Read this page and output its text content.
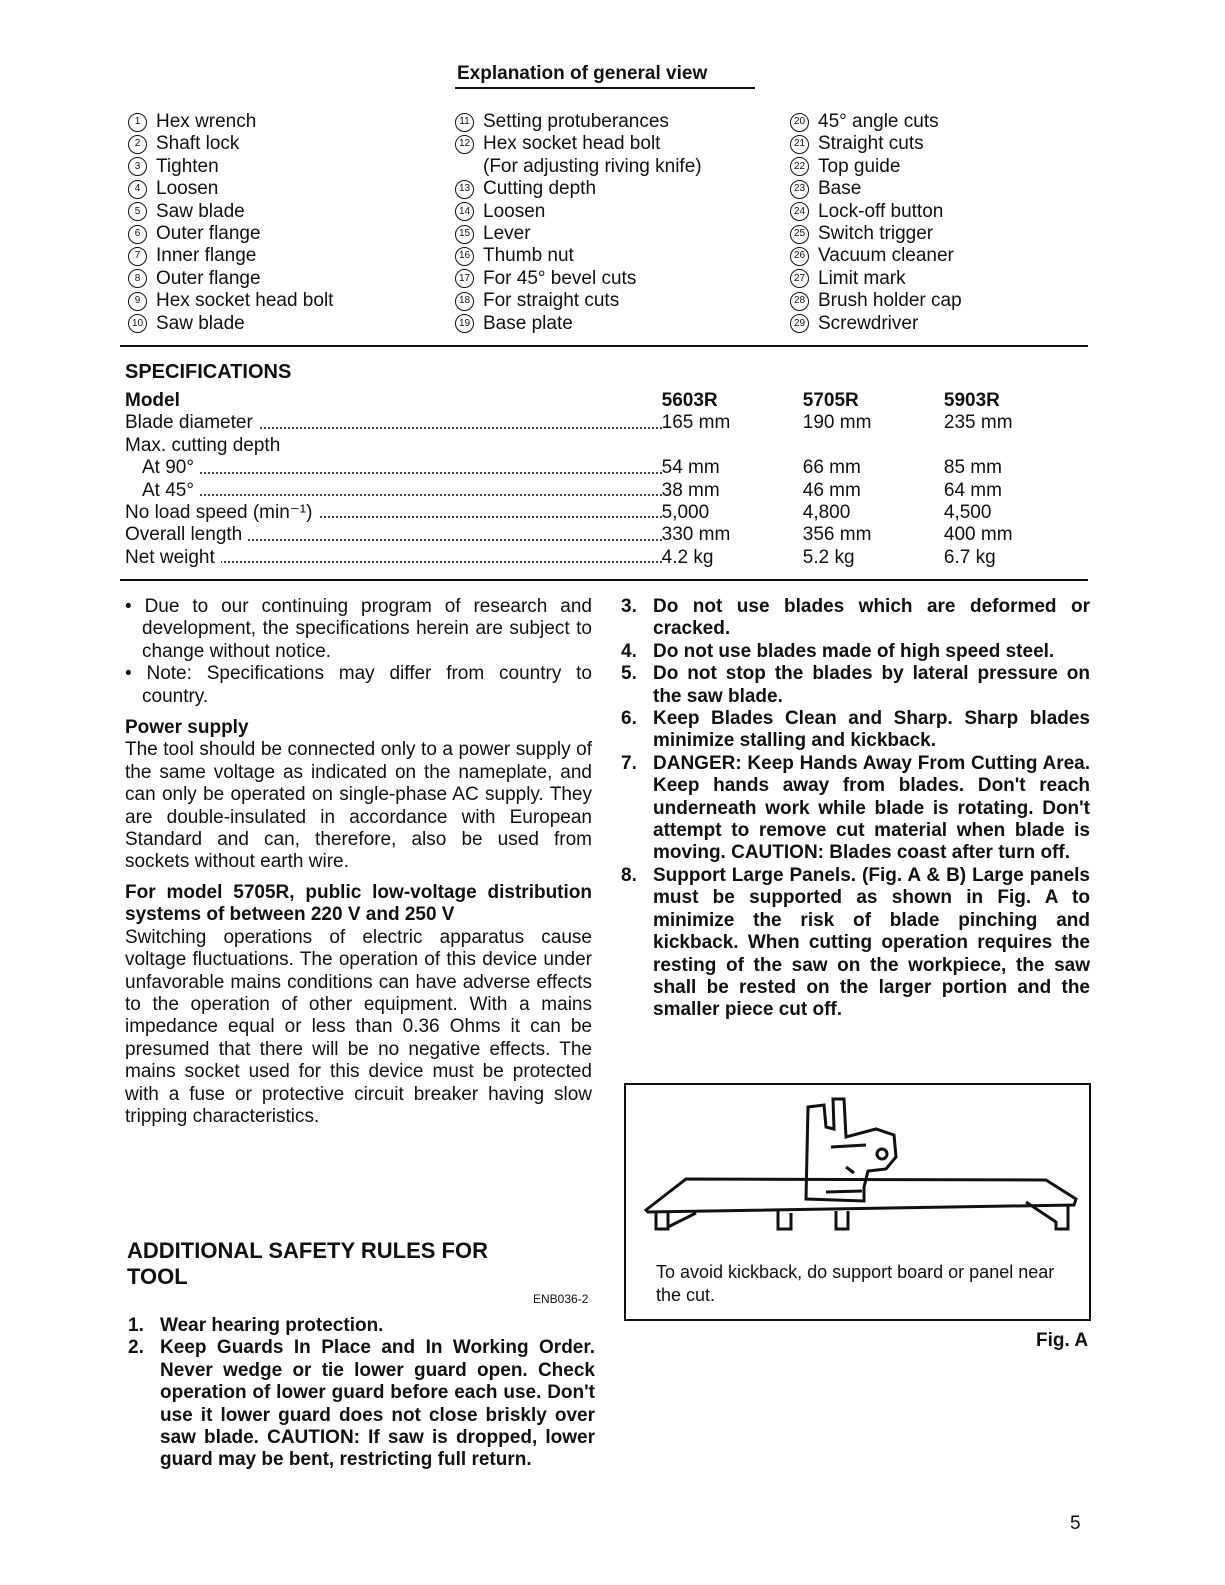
Explanation of general view
1 Hex wrench
2 Shaft lock
3 Tighten
4 Loosen
5 Saw blade
6 Outer flange
7 Inner flange
8 Outer flange
9 Hex socket head bolt
10 Saw blade
11 Setting protuberances
12 Hex socket head bolt
(For adjusting riving knife)
13 Cutting depth
14 Loosen
15 Lever
16 Thumb nut
17 For 45° bevel cuts
18 For straight cuts
19 Base plate
20 45° angle cuts
21 Straight cuts
22 Top guide
23 Base
24 Lock-off button
25 Switch trigger
26 Vacuum cleaner
27 Limit mark
28 Brush holder cap
29 Screwdriver
SPECIFICATIONS
Model	5603R	5705R	5903R
Blade diameter	165 mm	190 mm	235 mm
Max. cutting depth
At 90°	54 mm	66 mm	85 mm
At 45°	38 mm	46 mm	64 mm
No load speed (min⁻¹)	5,000	4,800	4,500
Overall length	330 mm	356 mm	400 mm
Net weight	4.2 kg	5.2 kg	6.7 kg
• Due to our continuing program of research and development, the specifications herein are subject to change without notice.
• Note: Specifications may differ from country to country.
Power supply
The tool should be connected only to a power supply of the same voltage as indicated on the nameplate, and can only be operated on single-phase AC supply. They are double-insulated in accordance with European Standard and can, therefore, also be used from sockets without earth wire.
For model 5705R, public low-voltage distribution systems of between 220 V and 250 V
Switching operations of electric apparatus cause voltage fluctuations. The operation of this device under unfavorable mains conditions can have adverse effects to the operation of other equipment. With a mains impedance equal or less than 0.36 Ohms it can be presumed that there will be no negative effects. The mains socket used for this device must be protected with a fuse or protective circuit breaker having slow tripping characteristics.
ADDITIONAL SAFETY RULES FOR TOOL
ENB036-2
1. Wear hearing protection.
2. Keep Guards In Place and In Working Order. Never wedge or tie lower guard open. Check operation of lower guard before each use. Don't use it lower guard does not close briskly over saw blade. CAUTION: If saw is dropped, lower guard may be bent, restricting full return.
3. Do not use blades which are deformed or cracked.
4. Do not use blades made of high speed steel.
5. Do not stop the blades by lateral pressure on the saw blade.
6. Keep Blades Clean and Sharp. Sharp blades minimize stalling and kickback.
7. DANGER: Keep Hands Away From Cutting Area. Keep hands away from blades. Don't reach underneath work while blade is rotating. Don't attempt to remove cut material when blade is moving. CAUTION: Blades coast after turn off.
8. Support Large Panels. (Fig. A & B) Large panels must be supported as shown in Fig. A to minimize the risk of blade pinching and kickback. When cutting operation requires the resting of the saw on the workpiece, the saw shall be rested on the larger portion and the smaller piece cut off.
To avoid kickback, do support board or panel near the cut.
Fig. A
5
